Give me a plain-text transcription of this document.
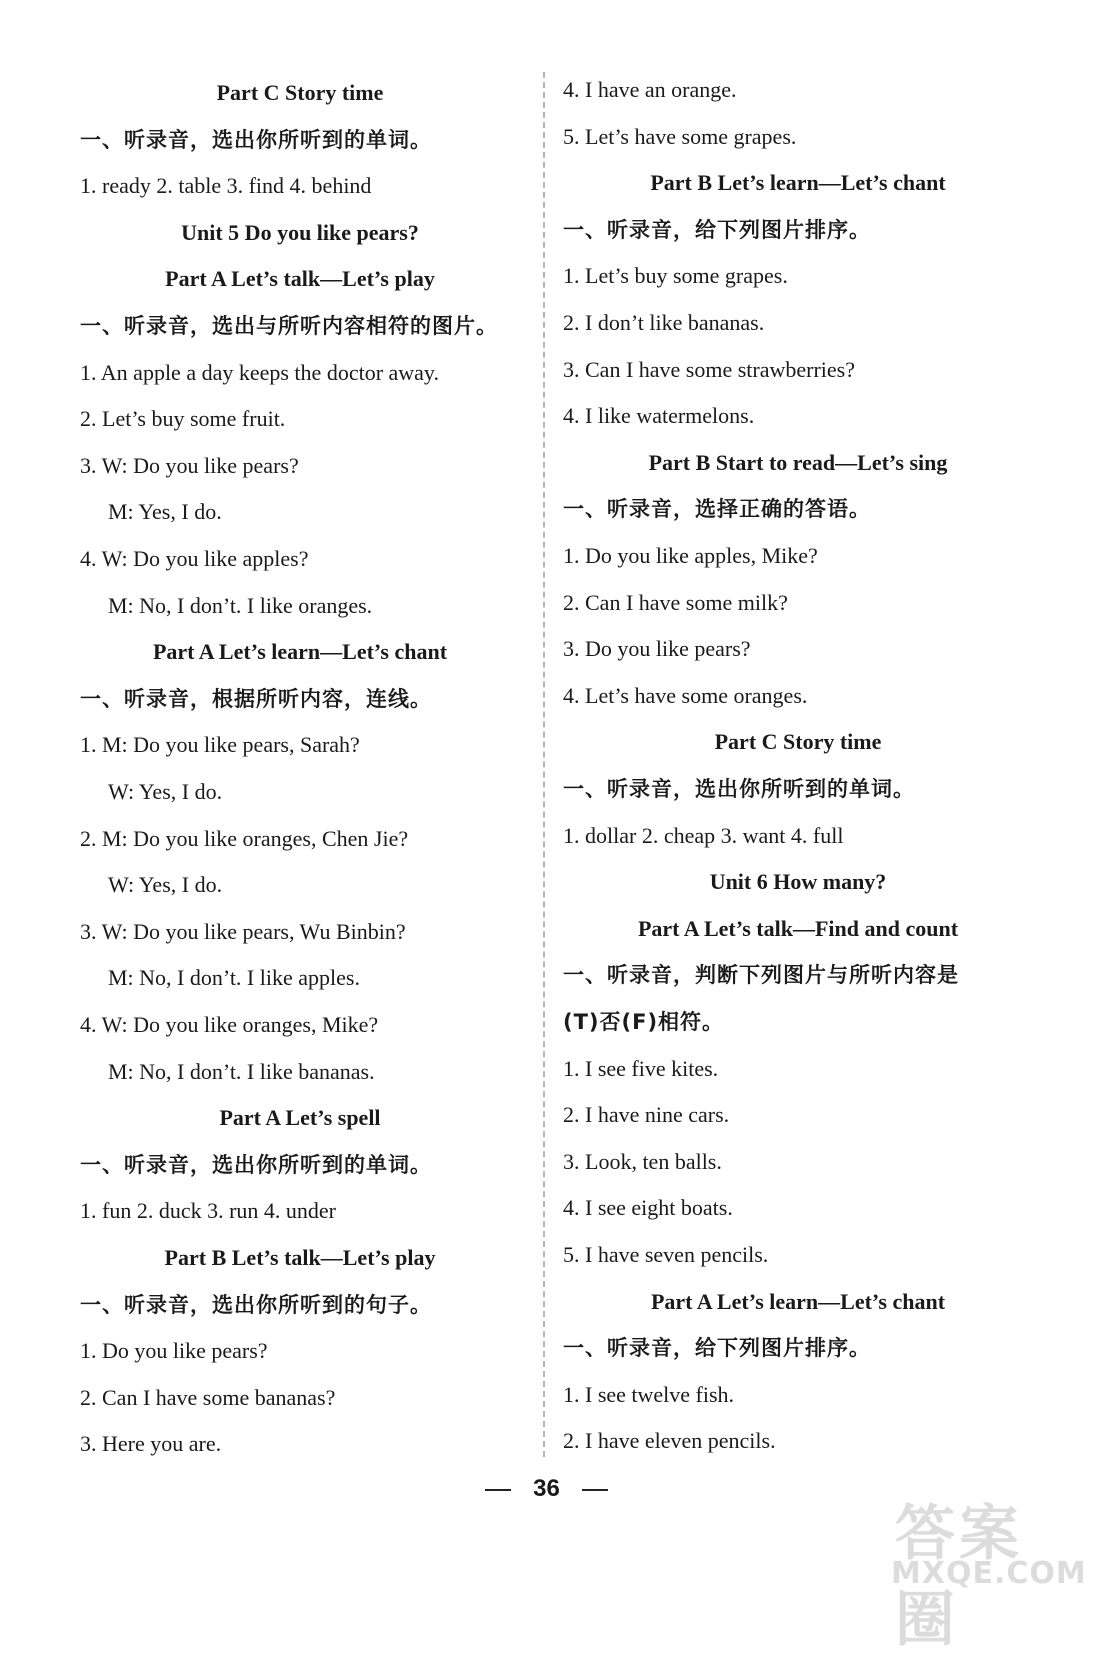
Part C Story time
一、听录音，选出你所听到的单词。
1. ready 2. table 3. find 4. behind
Unit 5 Do you like pears?
Part A Let’s talk—Let’s play
一、听录音，选出与所听内容相符的图片。
1. An apple a day keeps the doctor away.
2. Let’s buy some fruit.
3. W: Do you like pears?
M: Yes, I do.
4. W: Do you like apples?
M: No, I don’t. I like oranges.
Part A Let’s learn—Let’s chant
一、听录音，根据所听内容，连线。
1. M: Do you like pears, Sarah?
W: Yes, I do.
2. M: Do you like oranges, Chen Jie?
W: Yes, I do.
3. W: Do you like pears, Wu Binbin?
M: No, I don’t. I like apples.
4. W: Do you like oranges, Mike?
M: No, I don’t. I like bananas.
Part A Let’s spell
一、听录音，选出你所听到的单词。
1. fun 2. duck 3. run 4. under
Part B Let’s talk—Let’s play
一、听录音，选出你所听到的句子。
1. Do you like pears?
2. Can I have some bananas?
3. Here you are.
4. I have an orange.
5. Let’s have some grapes.
Part B Let’s learn—Let’s chant
一、听录音，给下列图片排序。
1. Let’s buy some grapes.
2. I don’t like bananas.
3. Can I have some strawberries?
4. I like watermelons.
Part B Start to read—Let’s sing
一、听录音，选择正确的答语。
1. Do you like apples, Mike?
2. Can I have some milk?
3. Do you like pears?
4. Let’s have some oranges.
Part C Story time
一、听录音，选出你所听到的单词。
1. dollar 2. cheap 3. want 4. full
Unit 6 How many?
Part A Let’s talk—Find and count
一、听录音，判断下列图片与所听内容是
(T)否(F)相符。
1. I see five kites.
2. I have nine cars.
3. Look, ten balls.
4. I see eight boats.
5. I have seven pencils.
Part A Let’s learn—Let’s chant
一、听录音，给下列图片排序。
1. I see twelve fish.
2. I have eleven pencils.
36
答案圈
MXQE.COM
